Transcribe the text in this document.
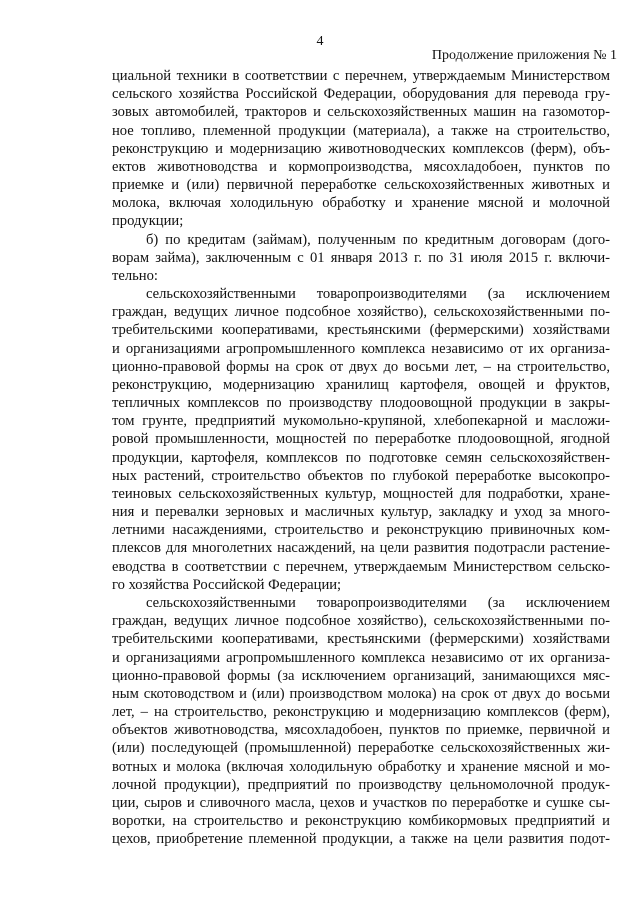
4
Продолжение приложения № 1
циальной техники в соответствии с перечнем, утверждаемым Министерством
сельского хозяйства Российской Федерации, оборудования для перевода гру-
зовых автомобилей, тракторов и сельскохозяйственных машин на газомотор-
ное топливо, племенной продукции (материала), а также на строительство,
реконструкцию и модернизацию животноводческих комплексов (ферм), объ-
ектов животноводства и кормопроизводства, мясохладобоен, пунктов по
приемке и (или) первичной переработке сельскохозяйственных животных и
молока, включая холодильную обработку и хранение мясной и молочной
продукции;
б) по кредитам (займам), полученным по кредитным договорам (дого-
ворам займа), заключенным с 01 января 2013 г. по 31 июля 2015 г. включи-
тельно:
сельскохозяйственными товаропроизводителями (за исключением
граждан, ведущих личное подсобное хозяйство), сельскохозяйственными по-
требительскими кооперативами, крестьянскими (фермерскими) хозяйствами
и организациями агропромышленного комплекса независимо от их организа-
ционно-правовой формы на срок от двух до восьми лет, – на строительство,
реконструкцию, модернизацию хранилищ картофеля, овощей и фруктов,
тепличных комплексов по производству плодоовощной продукции в закры-
том грунте, предприятий мукомольно-крупяной, хлебопекарной и масложи-
ровой промышленности, мощностей по переработке плодоовощной, ягодной
продукции, картофеля, комплексов по подготовке семян сельскохозяйствен-
ных растений, строительство объектов по глубокой переработке высокопро-
теиновых сельскохозяйственных культур, мощностей для подработки, хране-
ния и перевалки зерновых и масличных культур, закладку и уход за много-
летними насаждениями, строительство и реконструкцию привиночных ком-
плексов для многолетних насаждений, на цели развития подотрасли растение-
еводства в соответствии с перечнем, утверждаемым Министерством сельско-
го хозяйства Российской Федерации;
сельскохозяйственными товаропроизводителями (за исключением
граждан, ведущих личное подсобное хозяйство), сельскохозяйственными по-
требительскими кооперативами, крестьянскими (фермерскими) хозяйствами
и организациями агропромышленного комплекса независимо от их организа-
ционно-правовой формы (за исключением организаций, занимающихся мяс-
ным скотоводством и (или) производством молока) на срок от двух до восьми
лет, – на строительство, реконструкцию и модернизацию комплексов (ферм),
объектов животноводства, мясохладобоен, пунктов по приемке, первичной и
(или) последующей (промышленной) переработке сельскохозяйственных жи-
вотных и молока (включая холодильную обработку и хранение мясной и мо-
лочной продукции), предприятий по производству цельномолочной продук-
ции, сыров и сливочного масла, цехов и участков по переработке и сушке сы-
воротки, на строительство и реконструкцию комбикормовых предприятий и
цехов, приобретение племенной продукции, а также на цели развития подот-
